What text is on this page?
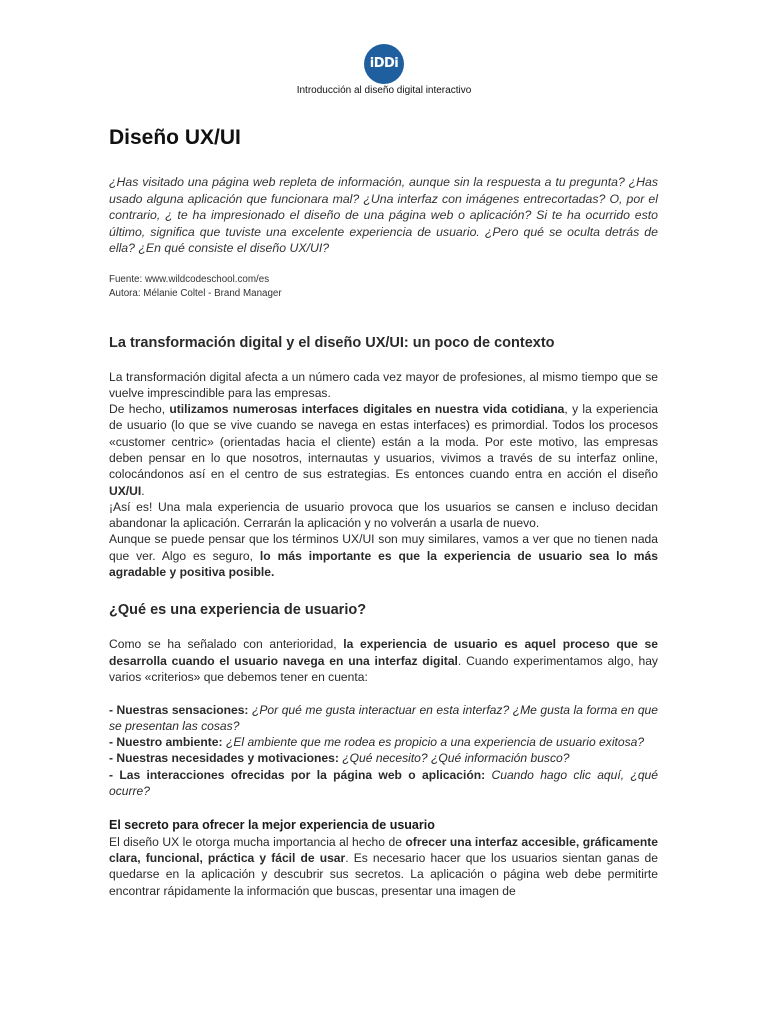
iDDi
Introducción al diseño digital interactivo
Diseño UX/UI

¿Has visitado una página web repleta de información, aunque sin la respuesta a tu pregunta? ¿Has usado alguna aplicación que funcionara mal? ¿Una interfaz con imágenes entrecortadas? O, por el contrario, ¿ te ha impresionado el diseño de una página web o aplicación? Si te ha ocurrido esto último, significa que tuviste una excelente experiencia de usuario. ¿Pero qué se oculta detrás de ella? ¿En qué consiste el diseño UX/UI?

Fuente: www.wildcodeschool.com/es
Autora: Mélanie Coltel - Brand Manager
La transformación digital y el diseño UX/UI: un poco de contexto

La transformación digital afecta a un número cada vez mayor de profesiones, al mismo tiempo que se vuelve imprescindible para las empresas.

De hecho, utilizamos numerosas interfaces digitales en nuestra vida cotidiana, y la experiencia de usuario (lo que se vive cuando se navega en estas interfaces) es primordial. Todos los procesos «customer centric» (orientadas hacia el cliente) están a la moda. Por este motivo, las empresas deben pensar en lo que nosotros, internautas y usuarios, vivimos a través de su interfaz online, colocándonos así en el centro de sus estrategias. Es entonces cuando entra en acción el diseño UX/UI.

¡Así es! Una mala experiencia de usuario provoca que los usuarios se cansen e incluso decidan abandonar la aplicación. Cerrarán la aplicación y no volverán a usarla de nuevo.

Aunque se puede pensar que los términos UX/UI son muy similares, vamos a ver que no tienen nada que ver. Algo es seguro, lo más importante es que la experiencia de usuario sea lo más agradable y positiva posible.

¿Qué es una experiencia de usuario?

Como se ha señalado con anterioridad, la experiencia de usuario es aquel proceso que se desarrolla cuando el usuario navega en una interfaz digital. Cuando experimentamos algo, hay varios «criterios» que debemos tener en cuenta:

- Nuestras sensaciones: ¿Por qué me gusta interactuar en esta interfaz? ¿Me gusta la forma en que se presentan las cosas?

- Nuestro ambiente: ¿El ambiente que me rodea es propicio a una experiencia de usuario exitosa?

- Nuestras necesidades y motivaciones: ¿Qué necesito? ¿Qué información busco?

- Las interacciones ofrecidas por la página web o aplicación: Cuando hago clic aquí, ¿qué ocurre?

El secreto para ofrecer la mejor experiencia de usuario

El diseño UX le otorga mucha importancia al hecho de ofrecer una interfaz accesible, gráficamente clara, funcional, práctica y fácil de usar. Es necesario hacer que los usuarios sientan ganas de quedarse en la aplicación y descubrir sus secretos. La aplicación o página web debe permitirte encontrar rápidamente la información que buscas, presentar una imagen de
